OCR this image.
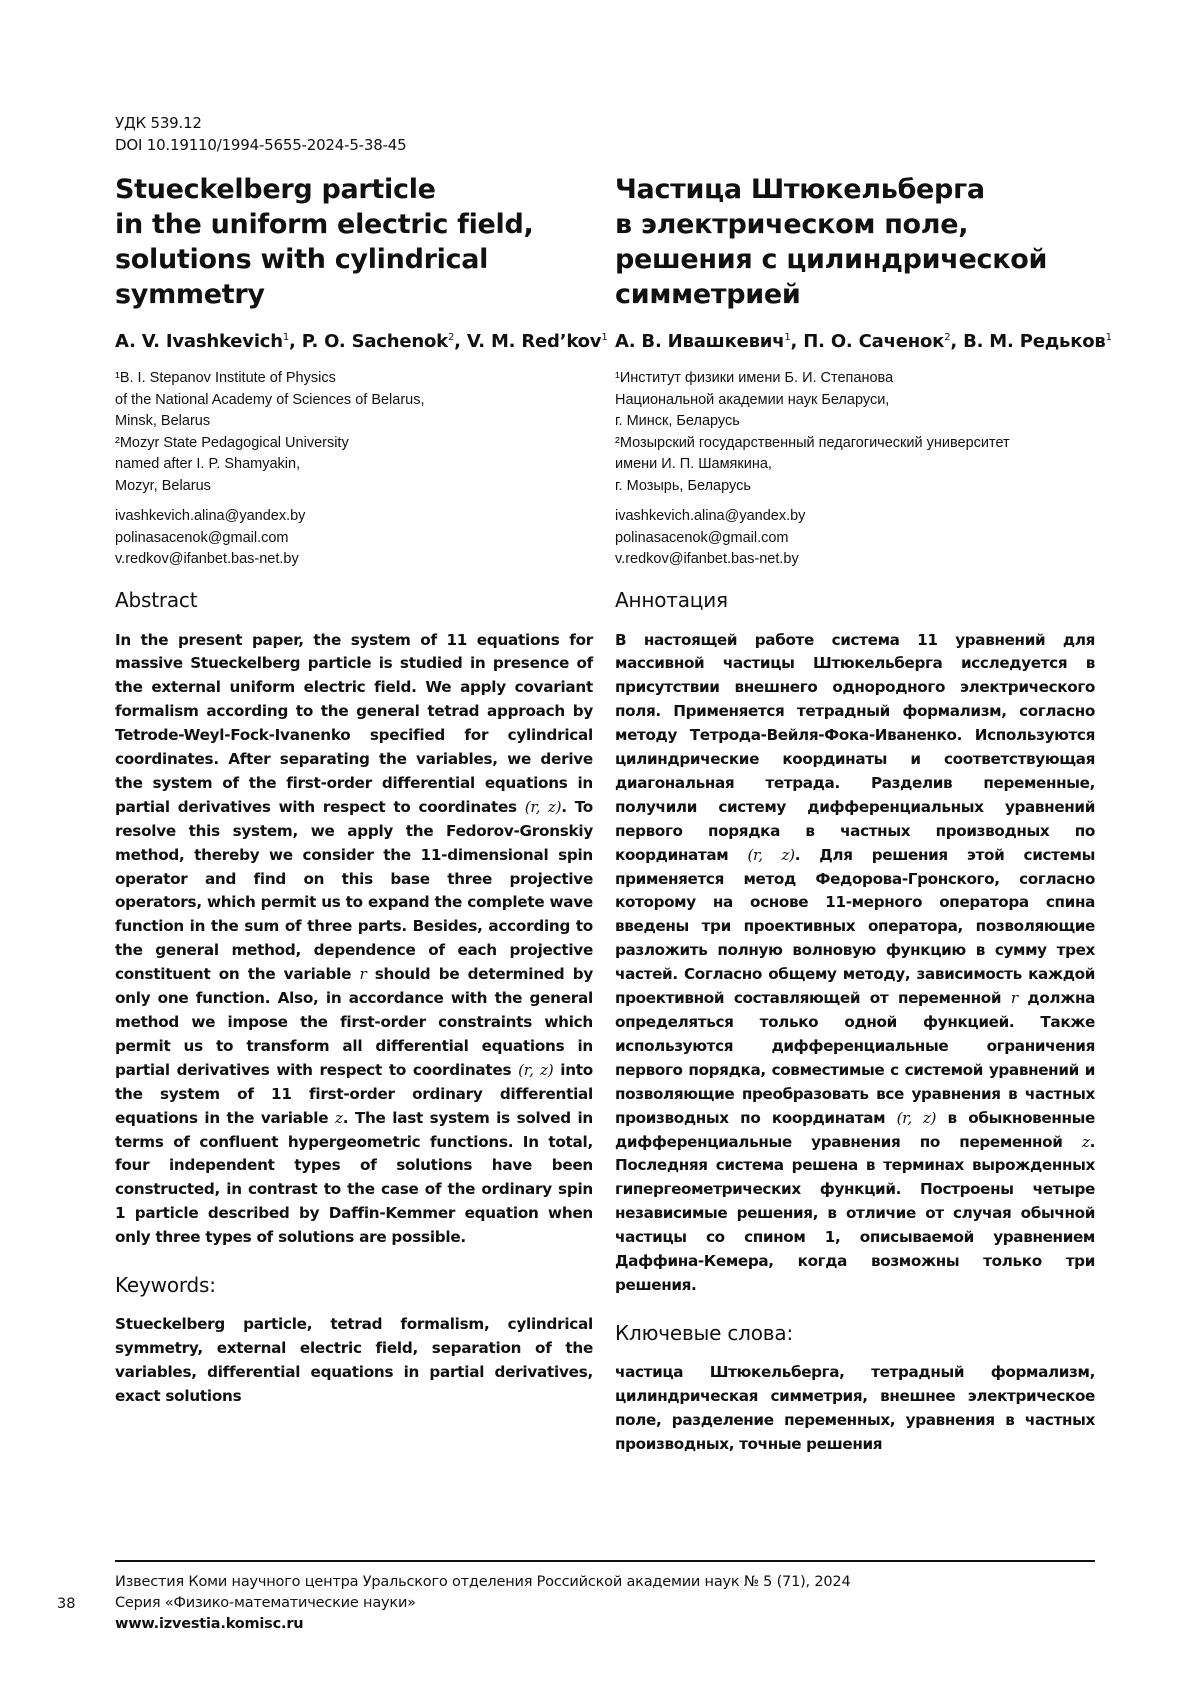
УДК 539.12
DOI 10.19110/1994-5655-2024-5-38-45
Stueckelberg particle
in the uniform electric field,
solutions with cylindrical
symmetry
A. V. Ivashkevich$^1$, P. O. Sachenok$^2$, V. M. Red’kov$^1$
¹B. I. Stepanov Institute of Physics
of the National Academy of Sciences of Belarus,
Minsk, Belarus
²Mozyr State Pedagogical University
named after I. P. Shamyakin,
Mozyr, Belarus
ivashkevich.alina@yandex.by
polinasacenok@gmail.com
v.redkov@ifanbet.bas-net.by
Abstract
In the present paper, the system of 11 equations for massive Stueckelberg particle is studied in presence of the external uniform electric field. We apply covariant formalism according to the general tetrad approach by Tetrode-Weyl-Fock-Ivanenko specified for cylindrical coordinates. After separating the variables, we derive the system of the first-order differential equations in partial derivatives with respect to coordinates (r, z). To resolve this system, we apply the Fedorov-Gronskiy method, thereby we consider the 11-dimensional spin operator and find on this base three projective operators, which permit us to expand the complete wave function in the sum of three parts. Besides, according to the general method, dependence of each projective constituent on the variable r should be determined by only one function. Also, in accordance with the general method we impose the first-order constraints which permit us to transform all differential equations in partial derivatives with respect to coordinates (r, z) into the system of 11 first-order ordinary differential equations in the variable z. The last system is solved in terms of confluent hypergeometric functions. In total, four independent types of solutions have been constructed, in contrast to the case of the ordinary spin 1 particle described by Daffin-Kemmer equation when only three types of solutions are possible.
Keywords:
Stueckelberg particle, tetrad formalism, cylindrical symmetry, external electric field, separation of the variables, differential equations in partial derivatives, exact solutions
Частица Штюкельберга
в электрическом поле,
решения с цилиндрической
симметрией
А. В. Ивашкевич$^1$, П. О. Саченок$^2$, В. М. Редьков$^1$
¹Институт физики имени Б. И. Степанова
Национальной академии наук Беларуси,
г. Минск, Беларусь
²Мозырский государственный педагогический университет
имени И. П. Шамякина,
г. Мозырь, Беларусь
ivashkevich.alina@yandex.by
polinasacenok@gmail.com
v.redkov@ifanbet.bas-net.by
Аннотация
В настоящей работе система 11 уравнений для массивной частицы Штюкельберга исследуется в присутствии внешнего однородного электрического поля. Применяется тетрадный формализм, согласно методу Тетрода-Вейля-Фока-Иваненко. Используются цилиндрические координаты и соответствующая диагональная тетрада. Разделив переменные, получили систему дифференциальных уравнений первого порядка в частных производных по координатам (r, z). Для решения этой системы применяется метод Федорова-Гронского, согласно которому на основе 11-мерного оператора спина введены три проективных оператора, позволяющие разложить полную волновую функцию в сумму трех частей. Согласно общему методу, зависимость каждой проективной составляющей от переменной r должна определяться только одной функцией. Также используются дифференциальные ограничения первого порядка, совместимые с системой уравнений и позволяющие преобразовать все уравнения в частных производных по координатам (r, z) в обыкновенные дифференциальные уравнения по переменной z. Последняя система решена в терминах вырожденных гипергеометрических функций. Построены четыре независимые решения, в отличие от случая обычной частицы со спином 1, описываемой уравнением Даффина-Кемера, когда возможны только три решения.
Ключевые слова:
частица Штюкельберга, тетрадный формализм, цилиндрическая симметрия, внешнее электрическое поле, разделение переменных, уравнения в частных производных, точные решения
Известия Коми научного центра Уральского отделения Российской академии наук № 5 (71), 2024
Серия «Физико-математические науки»
www.izvestia.komisc.ru
38
